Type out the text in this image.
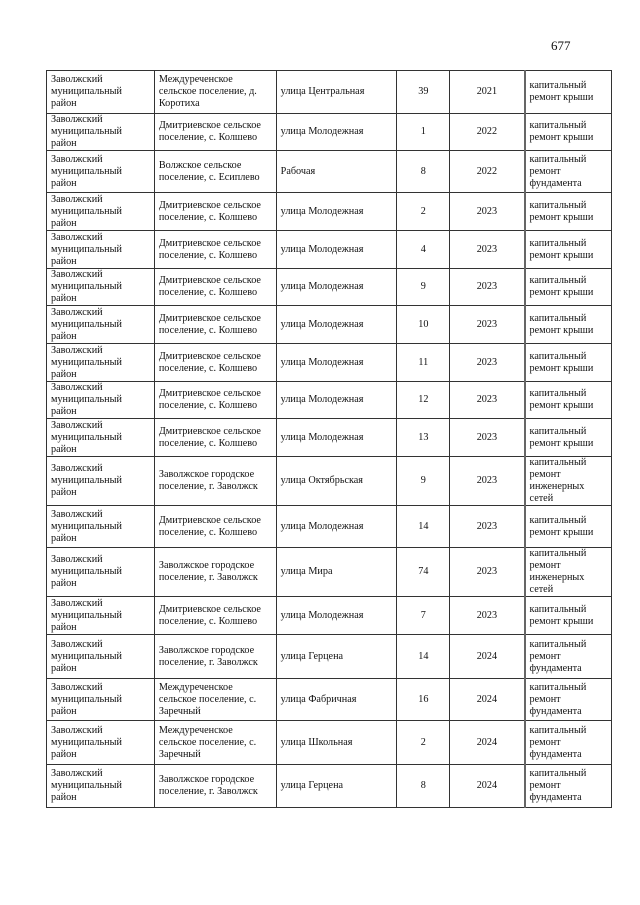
677
Заволжский муниципальный район	Междуреченское сельское поселение, д. Коротиха	улица Центральная	39	2021	капитальный ремонт крыши
Заволжский муниципальный район	Дмитриевское сельское поселение, с. Колшево	улица Молодежная	1	2022	капитальный ремонт крыши
Заволжский муниципальный район	Волжское сельское поселение, с. Есиплево	Рабочая	8	2022	капитальный ремонт фундамента
Заволжский муниципальный район	Дмитриевское сельское поселение, с. Колшево	улица Молодежная	2	2023	капитальный ремонт крыши
Заволжский муниципальный район	Дмитриевское сельское поселение, с. Колшево	улица Молодежная	4	2023	капитальный ремонт крыши
Заволжский муниципальный район	Дмитриевское сельское поселение, с. Колшево	улица Молодежная	9	2023	капитальный ремонт крыши
Заволжский муниципальный район	Дмитриевское сельское поселение, с. Колшево	улица Молодежная	10	2023	капитальный ремонт крыши
Заволжский муниципальный район	Дмитриевское сельское поселение, с. Колшево	улица Молодежная	11	2023	капитальный ремонт крыши
Заволжский муниципальный район	Дмитриевское сельское поселение, с. Колшево	улица Молодежная	12	2023	капитальный ремонт крыши
Заволжский муниципальный район	Дмитриевское сельское поселение, с. Колшево	улица Молодежная	13	2023	капитальный ремонт крыши
Заволжский муниципальный район	Заволжское городское поселение, г. Заволжск	улица Октябрьская	9	2023	капитальный ремонт инженерных сетей
Заволжский муниципальный район	Дмитриевское сельское поселение, с. Колшево	улица Молодежная	14	2023	капитальный ремонт крыши
Заволжский муниципальный район	Заволжское городское поселение, г. Заволжск	улица Мира	74	2023	капитальный ремонт инженерных сетей
Заволжский муниципальный район	Дмитриевское сельское поселение, с. Колшево	улица Молодежная	7	2023	капитальный ремонт крыши
Заволжский муниципальный район	Заволжское городское поселение, г. Заволжск	улица Герцена	14	2024	капитальный ремонт фундамента
Заволжский муниципальный район	Междуреченское сельское поселение, с. Заречный	улица Фабричная	16	2024	капитальный ремонт фундамента
Заволжский муниципальный район	Междуреченское сельское поселение, с. Заречный	улица Школьная	2	2024	капитальный ремонт фундамента
Заволжский муниципальный район	Заволжское городское поселение, г. Заволжск	улица Герцена	8	2024	капитальный ремонт фундамента
